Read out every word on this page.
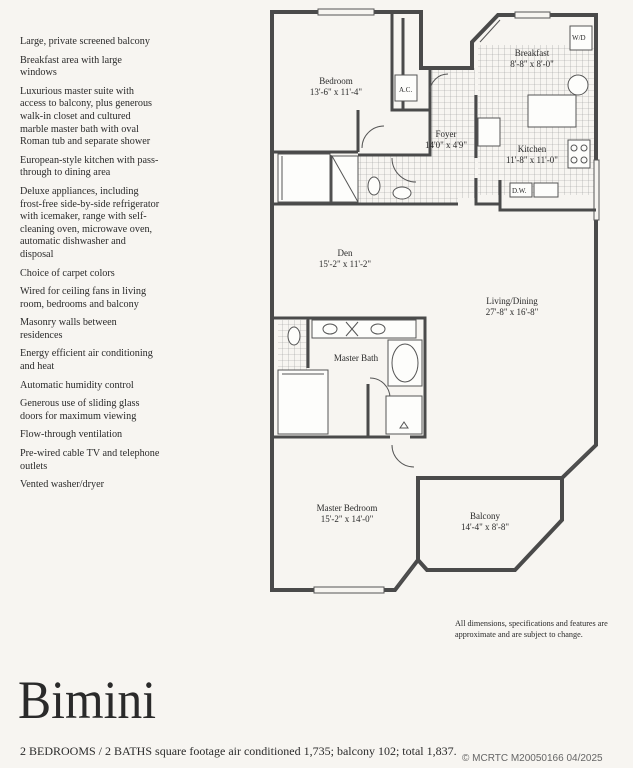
Large, private screened balcony
Breakfast area with large windows
Luxurious master suite with access to balcony, plus generous walk-in closet and cultured marble master bath with oval Roman tub and separate shower
European-style kitchen with pass-through to dining area
Deluxe appliances, including frost-free side-by-side refrigerator with icemaker, range with self-cleaning oven, microwave oven, automatic dishwasher and disposal
Choice of carpet colors
Wired for ceiling fans in living room, bedrooms and balcony
Masonry walls between residences
Energy efficient air conditioning and heat
Automatic humidity control
Generous use of sliding glass doors for maximum viewing
Flow-through ventilation
Pre-wired cable TV and telephone outlets
Vented washer/dryer
A.C.
W/D
D.W.
Bedroom
13'-6" x 11'-4"
Breakfast
8'-8" x 8'-0"
Foyer
14'0" x 4'9"	Kitchen
11'-8" x 11'-0"
Den
15'-2" x 11'-2"
Living/Dining
27'-8" x 16'-8"
Master Bath
Master Bedroom
15'-2" x 14'-0"	Balcony
14'-4" x 8'-8"
All dimensions, specifications and features are approximate and are subject to change.
Bimini
2 BEDROOMS / 2 BATHS square footage air conditioned 1,735; balcony 102; total 1,837.
© MCRTC M20050166 04/2025
